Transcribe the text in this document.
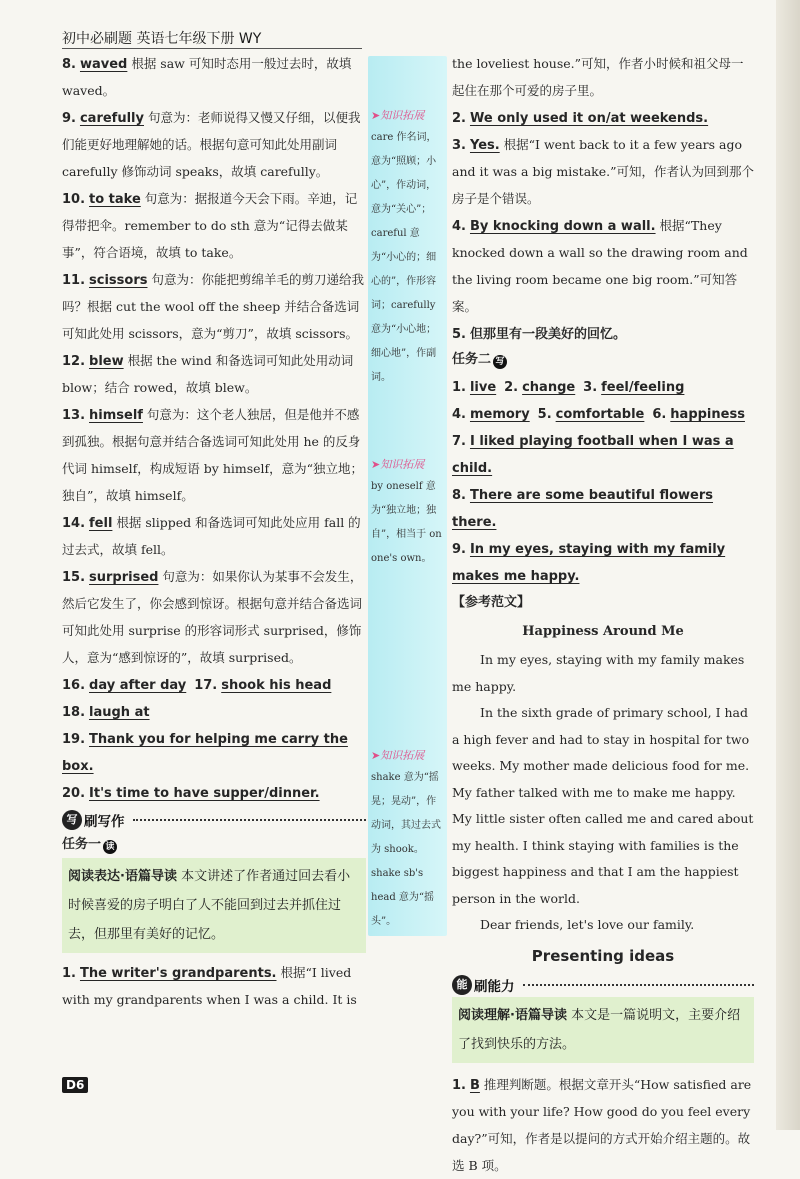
初中必刷题 英语七年级下册 WY
➤ 知识拓展
care 作名词，意为“照顾；小心”，作动词，意为“关心”；careful 意为“小心的；细心的”，作形容词；carefully 意为“小心地；细心地”，作副词。
➤ 知识拓展
by oneself 意为“独立地；独自”，相当于 on one's own。
➤ 知识拓展
shake 意为“摇晃；晃动”，作动词，其过去式为 shook。shake sb's head 意为“摇头”。

8. waved 根据 saw 可知时态用一般过去时，故填 waved。

9. carefully 句意为：老师说得又慢又仔细，以便我们能更好地理解她的话。根据句意可知此处用副词 carefully 修饰动词 speaks，故填 carefully。

10. to take 句意为：据报道今天会下雨。辛迪，记得带把伞。remember to do sth 意为“记得去做某事”，符合语境，故填 to take。

11. scissors 句意为：你能把剪绵羊毛的剪刀递给我吗？根据 cut the wool off the sheep 并结合备选词可知此处用 scissors，意为“剪刀”，故填 scissors。

12. blew 根据 the wind 和备选词可知此处用动词 blow；结合 rowed，故填 blew。

13. himself 句意为：这个老人独居，但是他并不感到孤独。根据句意并结合备选词可知此处用 he 的反身代词 himself，构成短语 by himself，意为“独立地；独自”，故填 himself。

14. fell 根据 slipped 和备选词可知此处应用 fall 的过去式，故填 fell。

15. surprised 句意为：如果你认为某事不会发生，然后它发生了，你会感到惊讶。根据句意并结合备选词可知此处用 surprise 的形容词形式 surprised，修饰人，意为“感到惊讶的”，故填 surprised。

16. day after day 17. shook his head

18. laugh at

19. Thank you for helping me carry the box.

20. It's time to have supper/dinner.

写 刷写作

任务一 读

阅读表达·语篇导读 本文讲述了作者通过回去看小时候喜爱的房子明白了人不能回到过去并抓住过去，但那里有美好的记忆。

1. The writer's grandparents. 根据“I lived with my grandparents when I was a child. It is

the loveliest house.”可知，作者小时候和祖父母一起住在那个可爱的房子里。

2. We only used it on/at weekends.

3. Yes. 根据“I went back to it a few years ago and it was a big mistake.”可知，作者认为回到那个房子是个错误。

4. By knocking down a wall. 根据“They knocked down a wall so the drawing room and the living room became one big room.”可知答案。

5. 但那里有一段美好的回忆。

任务二 写

1. live 2. change 3. feel/feeling

4. memory 5. comfortable 6. happiness

7. I liked playing football when I was a child.

8. There are some beautiful flowers there.

9. In my eyes, staying with my family makes me happy.

【参考范文】

Happiness Around Me

In my eyes, staying with my family makes me happy.

In the sixth grade of primary school, I had a high fever and had to stay in hospital for two weeks. My mother made delicious food for me. My father talked with me to make me happy. My little sister often called me and cared about my health. I think staying with families is the biggest happiness and that I am the happiest person in the world.

Dear friends, let's love our family.

Presenting ideas

能 刷能力
阅读理解·语篇导读 本文是一篇说明文，主要介绍了找到快乐的方法。

1. B 推理判断题。根据文章开头“How satisfied are you with your life? How good do you feel every day?”可知，作者是以提问的方式开始介绍主题的。故选 B 项。

D6
